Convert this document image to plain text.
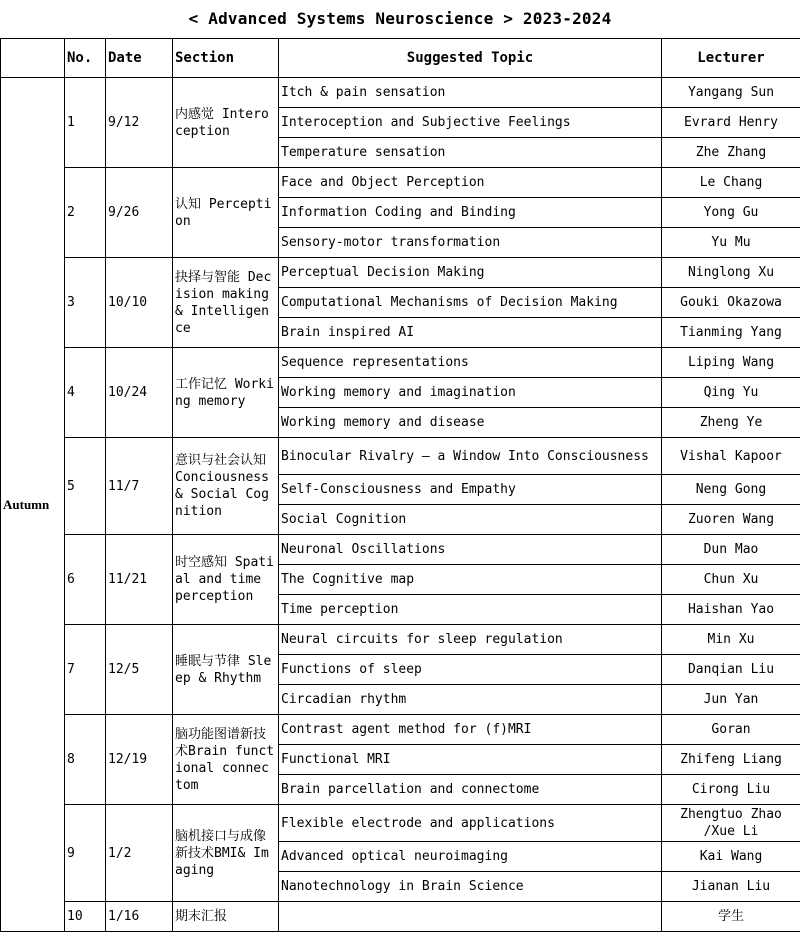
< Advanced Systems Neuroscience > 2023-2024
	No.	Date	Section	Suggested Topic	Lecturer
Autumn	1	9/12	内感觉 Interoception	Itch & pain sensation	Yangang Sun
				Interoception and Subjective Feelings	Evrard Henry
				Temperature sensation	Zhe Zhang
	2	9/26	认知 Perception	Face and Object Perception	Le Chang
				Information Coding and Binding	Yong Gu
				Sensory-motor transformation	Yu Mu
	3	10/10	抉择与智能 Decision making & Intelligence	Perceptual Decision Making	Ninglong Xu
				Computational Mechanisms of Decision Making	Gouki Okazowa
				Brain inspired AI	Tianming Yang
	4	10/24	工作记忆 Working memory	Sequence representations	Liping Wang
				Working memory and imagination	Qing Yu
				Working memory and disease	Zheng Ye
	5	11/7	意识与社会认知 Conciousness & Social Cognition	Binocular Rivalry – a Window Into Consciousness	Vishal Kapoor
				Self-Consciousness and Empathy	Neng Gong
				Social Cognition	Zuoren Wang
	6	11/21	时空感知 Spatial and time perception	Neuronal Oscillations	Dun Mao
				The Cognitive map	Chun Xu
				Time perception	Haishan Yao
	7	12/5	睡眠与节律 Sleep & Rhythm	Neural circuits for sleep regulation	Min Xu
				Functions of sleep	Danqian Liu
				Circadian rhythm	Jun Yan
	8	12/19	脑功能图谱新技术Brain functional connectom	Contrast agent method for (f)MRI	Goran
				Functional MRI	Zhifeng Liang
				Brain parcellation and connectome	Cirong Liu
	9	1/2	脑机接口与成像新技术BMI& Imaging	Flexible electrode and applications	Zhengtuo Zhao /Xue Li
				Advanced optical neuroimaging	Kai Wang
				Nanotechnology in Brain Science	Jianan Liu
	10	1/16	期末汇报		学生
